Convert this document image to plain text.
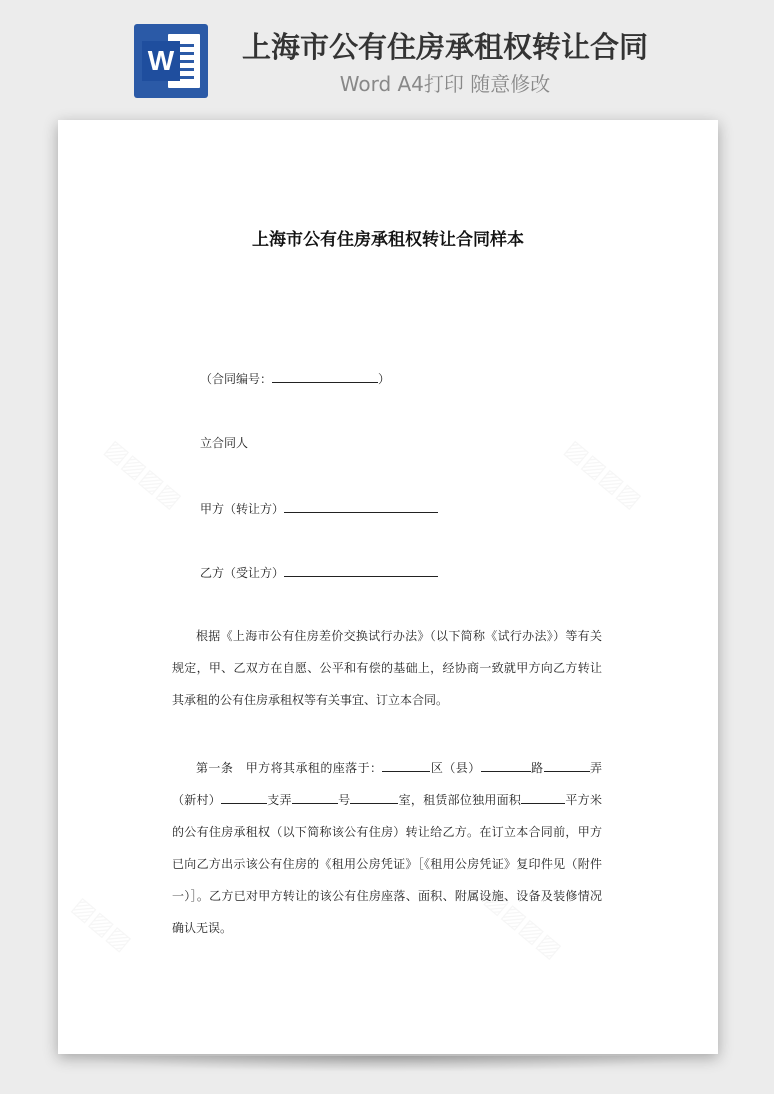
W	上海市公有住房承租权转让合同
Word A4打印 随意修改
上海市公有住房承租权转让合同样本
（合同编号：	）
立合同人
甲方（转让方）
乙方（受让方）

根据《上海市公有住房差价交换试行办法》（以下简称《试行办法》）等有关规定，甲、乙双方在自愿、公平和有偿的基础上，经协商一致就甲方向乙方转让其承租的公有住房承租权等有关事宜、订立本合同。

第一条　甲方将其承租的座落于：	区（县）	路	弄（新村）	支弄	号	室，租赁部位独用面积	平方米的公有住房承租权（以下简称该公有住房）转让给乙方。在订立本合同前，甲方已向乙方出示该公有住房的《租用公房凭证》［《租用公房凭证》复印件见（附件一）］。乙方已对甲方转让的该公有住房座落、面积、附属设施、设备及装修情况确认无误。
